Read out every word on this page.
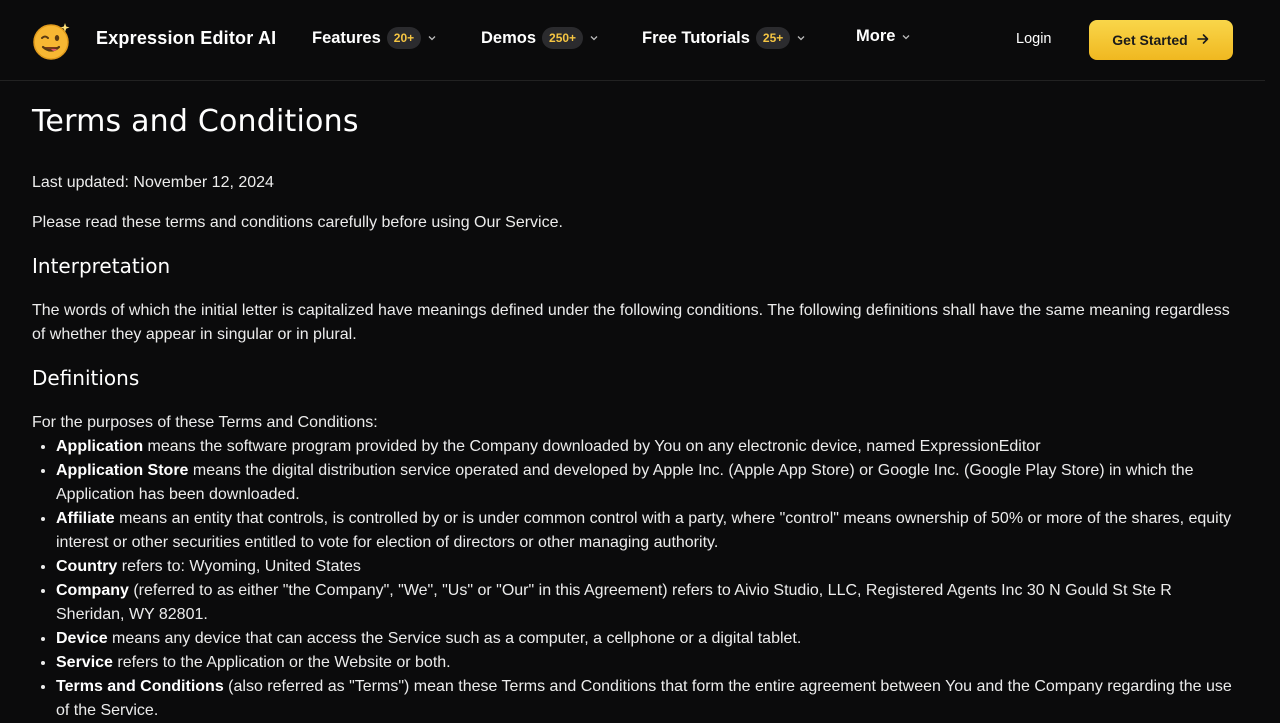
Expression Editor AI Features	20+	Demos	250+	Free Tutorials	25+	More	Login	Get Started
Terms and Conditions

Last updated: November 12, 2024

Please read these terms and conditions carefully before using Our Service.

Interpretation

The words of which the initial letter is capitalized have meanings defined under the following conditions. The following definitions shall have the same meaning regardless of whether they appear in singular or in plural.

Definitions

For the purposes of these Terms and Conditions:

• Application means the software program provided by the Company downloaded by You on any electronic device, named ExpressionEditor
• Application Store means the digital distribution service operated and developed by Apple Inc. (Apple App Store) or Google Inc. (Google Play Store) in which the Application has been downloaded.
• Affiliate means an entity that controls, is controlled by or is under common control with a party, where "control" means ownership of 50% or more of the shares, equity interest or other securities entitled to vote for election of directors or other managing authority.
• Country refers to: Wyoming, United States
• Company (referred to as either "the Company", "We", "Us" or "Our" in this Agreement) refers to Aivio Studio, LLC, Registered Agents Inc 30 N Gould St Ste R Sheridan, WY 82801.
• Device means any device that can access the Service such as a computer, a cellphone or a digital tablet.
• Service refers to the Application or the Website or both.
• Terms and Conditions (also referred as "Terms") mean these Terms and Conditions that form the entire agreement between You and the Company regarding the use of the Service.
